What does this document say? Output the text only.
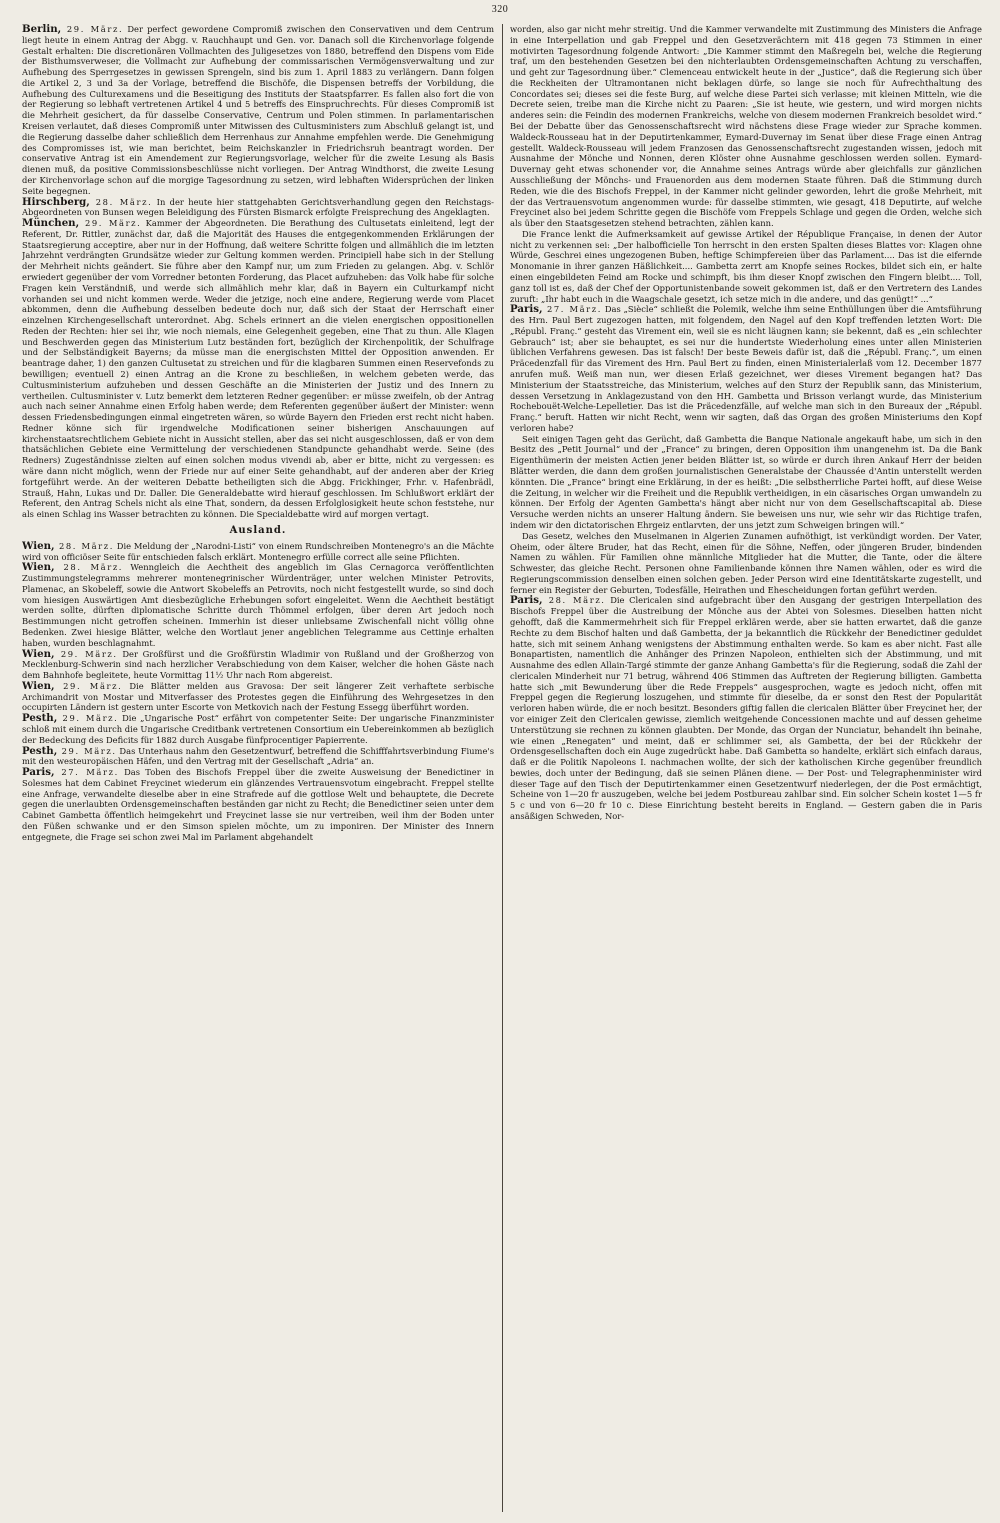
320

Berlin, 29. März. Der perfect gewordene Compromiß zwischen den Conservativen und dem Centrum liegt heute in einem Antrag der Abgg. v. Rauchhaupt und Gen. vor. Danach soll die Kirchenvorlage folgende Gestalt erhalten: Die discretionären Vollmachten des Juligesetzes von 1880, betreffend den Dispens vom Eide der Bisthumsverweser, die Vollmacht zur Aufhebung der commissarischen Vermögensverwaltung und zur Aufhebung des Sperrgesetzes in gewissen Sprengeln, sind bis zum 1. April 1883 zu verlängern. Dann folgen die Artikel 2, 3 und 3a der Vorlage, betreffend die Bischöfe, die Dispensen betreffs der Vorbildung, die Aufhebung des Culturexamens und die Beseitigung des Instituts der Staatspfarrer. Es fallen also fort die von der Regierung so lebhaft vertretenen Artikel 4 und 5 betreffs des Einspruchrechts. Für dieses Compromiß ist die Mehrheit gesichert, da für dasselbe Conservative, Centrum und Polen stimmen. In parlamentarischen Kreisen verlautet, daß dieses Compromiß unter Mitwissen des Cultusministers zum Abschluß gelangt ist, und die Regierung dasselbe daher schließlich dem Herrenhaus zur Annahme empfehlen werde. Die Genehmigung des Compromisses ist, wie man berichtet, beim Reichskanzler in Friedrichsruh beantragt worden. Der conservative Antrag ist ein Amendement zur Regierungsvorlage, welcher für die zweite Lesung als Basis dienen muß, da positive Commissionsbeschlüsse nicht vorliegen. Der Antrag Windthorst, die zweite Lesung der Kirchenvorlage schon auf die morgige Tagesordnung zu setzen, wird lebhaften Widersprüchen der linken Seite begegnen.

Hirschberg, 28. März. In der heute hier stattgehabten Gerichtsverhandlung gegen den Reichstags-Abgeordneten von Bunsen wegen Beleidigung des Fürsten Bismarck erfolgte Freisprechung des Angeklagten.

München, 29. März. Kammer der Abgeordneten. Die Berathung des Cultusetats einleitend, legt der Referent, Dr. Rittler, zunächst dar, daß die Majorität des Hauses die entgegenkommenden Erklärungen der Staatsregierung acceptire, aber nur in der Hoffnung, daß weitere Schritte folgen und allmählich die im letzten Jahrzehnt verdrängten Grundsätze wieder zur Geltung kommen werden. Principiell habe sich in der Stellung der Mehrheit nichts geändert. Sie führe aber den Kampf nur, um zum Frieden zu gelangen. Abg. v. Schlör erwiedert gegenüber der vom Vorredner betonten Forderung, das Placet aufzuheben: das Volk habe für solche Fragen kein Verständniß, und werde sich allmählich mehr klar, daß in Bayern ein Culturkampf nicht vorhanden sei und nicht kommen werde. Weder die jetzige, noch eine andere, Regierung werde vom Placet abkommen, denn die Aufhebung desselben bedeute doch nur, daß sich der Staat der Herrschaft einer einzelnen Kirchengesellschaft unterordnet. Abg. Schels erinnert an die vielen energischen oppositionellen Reden der Rechten: hier sei ihr, wie noch niemals, eine Gelegenheit gegeben, eine That zu thun. Alle Klagen und Beschwerden gegen das Ministerium Lutz beständen fort, bezüglich der Kirchenpolitik, der Schulfrage und der Selbständigkeit Bayerns; da müsse man die energischsten Mittel der Opposition anwenden. Er beantrage daher, 1) den ganzen Cultusetat zu streichen und für die klagbaren Summen einen Reservefonds zu bewilligen; eventuell 2) einen Antrag an die Krone zu beschließen, in welchem gebeten werde, das Cultusministerium aufzuheben und dessen Geschäfte an die Ministerien der Justiz und des Innern zu vertheilen. Cultusminister v. Lutz bemerkt dem letzteren Redner gegenüber: er müsse zweifeln, ob der Antrag auch nach seiner Annahme einen Erfolg haben werde; dem Referenten gegenüber äußert der Minister: wenn dessen Friedensbedingungen einmal eingetreten wären, so würde Bayern den Frieden erst recht nicht haben. Redner könne sich für irgendwelche Modificationen seiner bisherigen Anschauungen auf kirchenstaatsrechtlichem Gebiete nicht in Aussicht stellen, aber das sei nicht ausgeschlossen, daß er von dem thatsächlichen Gebiete eine Vermittelung der verschiedenen Standpuncte gehandhabt werde. Seine (des Redners) Zugeständnisse zielten auf einen solchen modus vivendi ab, aber er bitte, nicht zu vergessen: es wäre dann nicht möglich, wenn der Friede nur auf einer Seite gehandhabt, auf der anderen aber der Krieg fortgeführt werde. An der weiteren Debatte betheiligten sich die Abgg. Frickhinger, Frhr. v. Hafenbrädl, Strauß, Hahn, Lukas und Dr. Daller. Die Generaldebatte wird hierauf geschlossen. Im Schlußwort erklärt der Referent, den Antrag Schels nicht als eine That, sondern, da dessen Erfolglosigkeit heute schon feststehe, nur als einen Schlag ins Wasser betrachten zu können. Die Specialdebatte wird auf morgen vertagt.

Ausland.

Wien, 28. März. Die Meldung der „Narodni-Listi“ von einem Rundschreiben Montenegro's an die Mächte wird von officiöser Seite für entschieden falsch erklärt. Montenegro erfülle correct alle seine Pflichten.

Wien, 28. März. Wenngleich die Aechtheit des angeblich im Glas Cernagorca veröffentlichten Zustimmungstelegramms mehrerer montenegrinischer Würdenträger, unter welchen Minister Petrovits, Plamenac, an Skobeleff, sowie die Antwort Skobeleffs an Petrovits, noch nicht festgestellt wurde, so sind doch vom hiesigen Auswärtigen Amt diesbezügliche Erhebungen sofort eingeleitet. Wenn die Aechtheit bestätigt werden sollte, dürften diplomatische Schritte durch Thömmel erfolgen, über deren Art jedoch noch Bestimmungen nicht getroffen scheinen. Immerhin ist dieser unliebsame Zwischenfall nicht völlig ohne Bedenken. Zwei hiesige Blätter, welche den Wortlaut jener angeblichen Telegramme aus Cettinje erhalten haben, wurden beschlagnahmt.

Wien, 29. März. Der Großfürst und die Großfürstin Wladimir von Rußland und der Großherzog von Mecklenburg-Schwerin sind nach herzlicher Verabschiedung von dem Kaiser, welcher die hohen Gäste nach dem Bahnhofe begleitete, heute Vormittag 11½ Uhr nach Rom abgereist.

Wien, 29. März. Die Blätter melden aus Gravosa: Der seit längerer Zeit verhaftete serbische Archimandrit von Mostar und Mitverfasser des Protestes gegen die Einführung des Wehrgesetzes in den occupirten Ländern ist gestern unter Escorte von Metkovich nach der Festung Essegg überführt worden.

Pesth, 29. März. Die „Ungarische Post“ erfährt von competenter Seite: Der ungarische Finanzminister schloß mit einem durch die Ungarische Creditbank vertretenen Consortium ein Uebereinkommen ab bezüglich der Bedeckung des Deficits für 1882 durch Ausgabe fünfprocentiger Papierrente.

Pesth, 29. März. Das Unterhaus nahm den Gesetzentwurf, betreffend die Schifffahrtsverbindung Fiume's mit den westeuropäischen Häfen, und den Vertrag mit der Gesellschaft „Adria“ an.

Paris, 27. März. Das Toben des Bischofs Freppel über die zweite Ausweisung der Benedictiner in Solesmes hat dem Cabinet Freycinet wiederum ein glänzendes Vertrauensvotum eingebracht. Freppel stellte eine Anfrage, verwandelte dieselbe aber in eine Strafrede auf die gottlose Welt und behauptete, die Decrete gegen die unerlaubten Ordensgemeinschaften beständen gar nicht zu Recht; die Benedictiner seien unter dem Cabinet Gambetta öffentlich heimgekehrt und Freycinet lasse sie nur vertreiben, weil ihm der Boden unter den Füßen schwanke und er den Simson spielen möchte, um zu imponiren. Der Minister des Innern entgegnete, die Frage sei schon zwei Mal im Parlament abgehandelt

worden, also gar nicht mehr streitig. Und die Kammer verwandelte mit Zustimmung des Ministers die Anfrage in eine Interpellation und gab Freppel und den Gesetzverächtern mit 418 gegen 73 Stimmen in einer motivirten Tagesordnung folgende Antwort: „Die Kammer stimmt den Maßregeln bei, welche die Regierung traf, um den bestehenden Gesetzen bei den nichterlaubten Ordensgemeinschaften Achtung zu verschaffen, und geht zur Tagesordnung über.“ Clemenceau entwickelt heute in der „Justice“, daß die Regierung sich über die Reckheiten der Ultramontanen nicht beklagen dürfe, so lange sie noch für Aufrechthaltung des Concordates sei; dieses sei die feste Burg, auf welche diese Partei sich verlasse; mit kleinen Mitteln, wie die Decrete seien, treibe man die Kirche nicht zu Paaren: „Sie ist heute, wie gestern, und wird morgen nichts anderes sein: die Feindin des modernen Frankreichs, welche von diesem modernen Frankreich besoldet wird.“ Bei der Debatte über das Genossenschaftsrecht wird nächstens diese Frage wieder zur Sprache kommen. Waldeck-Rousseau hat in der Deputirtenkammer, Eymard-Duvernay im Senat über diese Frage einen Antrag gestellt. Waldeck-Rousseau will jedem Franzosen das Genossenschaftsrecht zugestanden wissen, jedoch mit Ausnahme der Mönche und Nonnen, deren Klöster ohne Ausnahme geschlossen werden sollen. Eymard-Duvernay geht etwas schonender vor, die Annahme seines Antrags würde aber gleichfalls zur gänzlichen Ausschließung der Mönchs- und Frauenorden aus dem modernen Staate führen. Daß die Stimmung durch Reden, wie die des Bischofs Freppel, in der Kammer nicht gelinder geworden, lehrt die große Mehrheit, mit der das Vertrauensvotum angenommen wurde: für dasselbe stimmten, wie gesagt, 418 Deputirte, auf welche Freycinet also bei jedem Schritte gegen die Bischöfe vom Freppels Schlage und gegen die Orden, welche sich als über den Staatsgesetzen stehend betrachten, zählen kann.

Die France lenkt die Aufmerksamkeit auf gewisse Artikel der République Française, in denen der Autor nicht zu verkennen sei: „Der halbofficielle Ton herrscht in den ersten Spalten dieses Blattes vor: Klagen ohne Würde, Geschrei eines ungezogenen Buben, heftige Schimpfereien über das Parlament.... Das ist die eifernde Monomanie in ihrer ganzen Häßlichkeit.... Gambetta zerrt am Knopfe seines Rockes, bildet sich ein, er halte einen eingebildeten Feind am Rocke und schimpft, bis ihm dieser Knopf zwischen den Fingern bleibt.... Toll, ganz toll ist es, daß der Chef der Opportunistenbande soweit gekommen ist, daß er den Vertretern des Landes zuruft: „Ihr habt euch in die Waagschale gesetzt, ich setze mich in die andere, und das genügt!“ ...“

Paris, 27. März. Das „Siècle“ schließt die Polemik, welche ihm seine Enthüllungen über die Amtsführung des Hrn. Paul Bert zugezogen hatten, mit folgendem, den Nagel auf den Kopf treffenden letzten Wort: Die „Républ. Franç.“ gesteht das Virement ein, weil sie es nicht läugnen kann; sie bekennt, daß es „ein schlechter Gebrauch“ ist; aber sie behauptet, es sei nur die hundertste Wiederholung eines unter allen Ministerien üblichen Verfahrens gewesen. Das ist falsch! Der beste Beweis dafür ist, daß die „Républ. Franç.“, um einen Präcedenzfall für das Virement des Hrn. Paul Bert zu finden, einen Ministerialerlaß vom 12. December 1877 anrufen muß. Weiß man nun, wer diesen Erlaß gezeichnet, wer dieses Virement begangen hat? Das Ministerium der Staatsstreiche, das Ministerium, welches auf den Sturz der Republik sann, das Ministerium, dessen Versetzung in Anklagezustand von den HH. Gambetta und Brisson verlangt wurde, das Ministerium Rochebouët-Welche-Lepelletier. Das ist die Präcedenzfälle, auf welche man sich in den Bureaux der „Républ. Franç.“ beruft. Hatten wir nicht Recht, wenn wir sagten, daß das Organ des großen Ministeriums den Kopf verloren habe?

Seit einigen Tagen geht das Gerücht, daß Gambetta die Banque Nationale angekauft habe, um sich in den Besitz des „Petit Journal“ und der „France“ zu bringen, deren Opposition ihm unangenehm ist. Da die Bank Eigenthümerin der meisten Actien jener beiden Blätter ist, so würde er durch ihren Ankauf Herr der beiden Blätter werden, die dann dem großen journalistischen Generalstabe der Chaussée d'Antin unterstellt werden könnten. Die „France“ bringt eine Erklärung, in der es heißt: „Die selbstherrliche Partei hofft, auf diese Weise die Zeitung, in welcher wir die Freiheit und die Republik vertheidigen, in ein cäsarisches Organ umwandeln zu können. Der Erfolg der Agenten Gambetta's hängt aber nicht nur von dem Gesellschaftscapital ab. Diese Versuche werden nichts an unserer Haltung ändern. Sie beweisen uns nur, wie sehr wir das Richtige trafen, indem wir den dictatorischen Ehrgeiz entlarvten, der uns jetzt zum Schweigen bringen will.“

Das Gesetz, welches den Muselmanen in Algerien Zunamen aufnöthigt, ist verkündigt worden. Der Vater, Oheim, oder ältere Bruder, hat das Recht, einen für die Söhne, Neffen, oder jüngeren Bruder, bindenden Namen zu wählen. Für Familien ohne männliche Mitglieder hat die Mutter, die Tante, oder die ältere Schwester, das gleiche Recht. Personen ohne Familienbande können ihre Namen wählen, oder es wird die Regierungscommission denselben einen solchen geben. Jeder Person wird eine Identitätskarte zugestellt, und ferner ein Register der Geburten, Todesfälle, Heirathen und Ehescheidungen fortan geführt werden.

Paris, 28. März. Die Clericalen sind aufgebracht über den Ausgang der gestrigen Interpellation des Bischofs Freppel über die Austreibung der Mönche aus der Abtei von Solesmes. Dieselben hatten nicht gehofft, daß die Kammermehrheit sich für Freppel erklären werde, aber sie hatten erwartet, daß die ganze Rechte zu dem Bischof halten und daß Gambetta, der ja bekanntlich die Rückkehr der Benedictiner geduldet hatte, sich mit seinem Anhang wenigstens der Abstimmung enthalten werde. So kam es aber nicht. Fast alle Bonapartisten, namentlich die Anhänger des Prinzen Napoleon, enthielten sich der Abstimmung, und mit Ausnahme des edlen Allain-Targé stimmte der ganze Anhang Gambetta's für die Regierung, sodaß die Zahl der clericalen Minderheit nur 71 betrug, während 406 Stimmen das Auftreten der Regierung billigten. Gambetta hatte sich „mit Bewunderung über die Rede Freppels“ ausgesprochen, wagte es jedoch nicht, offen mit Freppel gegen die Regierung loszugehen, und stimmte für dieselbe, da er sonst den Rest der Popularität verloren haben würde, die er noch besitzt. Besonders giftig fallen die clericalen Blätter über Freycinet her, der vor einiger Zeit den Clericalen gewisse, ziemlich weitgehende Concessionen machte und auf dessen geheime Unterstützung sie rechnen zu können glaubten. Der Monde, das Organ der Nunciatur, behandelt ihn beinahe, wie einen „Renegaten“ und meint, daß er schlimmer sei, als Gambetta, der bei der Rückkehr der Ordensgesellschaften doch ein Auge zugedrückt habe. Daß Gambetta so handelte, erklärt sich einfach daraus, daß er die Politik Napoleons I. nachmachen wollte, der sich der katholischen Kirche gegenüber freundlich bewies, doch unter der Bedingung, daß sie seinen Plänen diene. — Der Post- und Telegraphenminister wird dieser Tage auf den Tisch der Deputirtenkammer einen Gesetzentwurf niederlegen, der die Post ermächtigt, Scheine von 1—20 fr auszugeben, welche bei jedem Postbureau zahlbar sind. Ein solcher Schein kostet 1—5 fr 5 c und von 6—20 fr 10 c. Diese Einrichtung besteht bereits in England. — Gestern gaben die in Paris ansäßigen Schweden, Nor-
